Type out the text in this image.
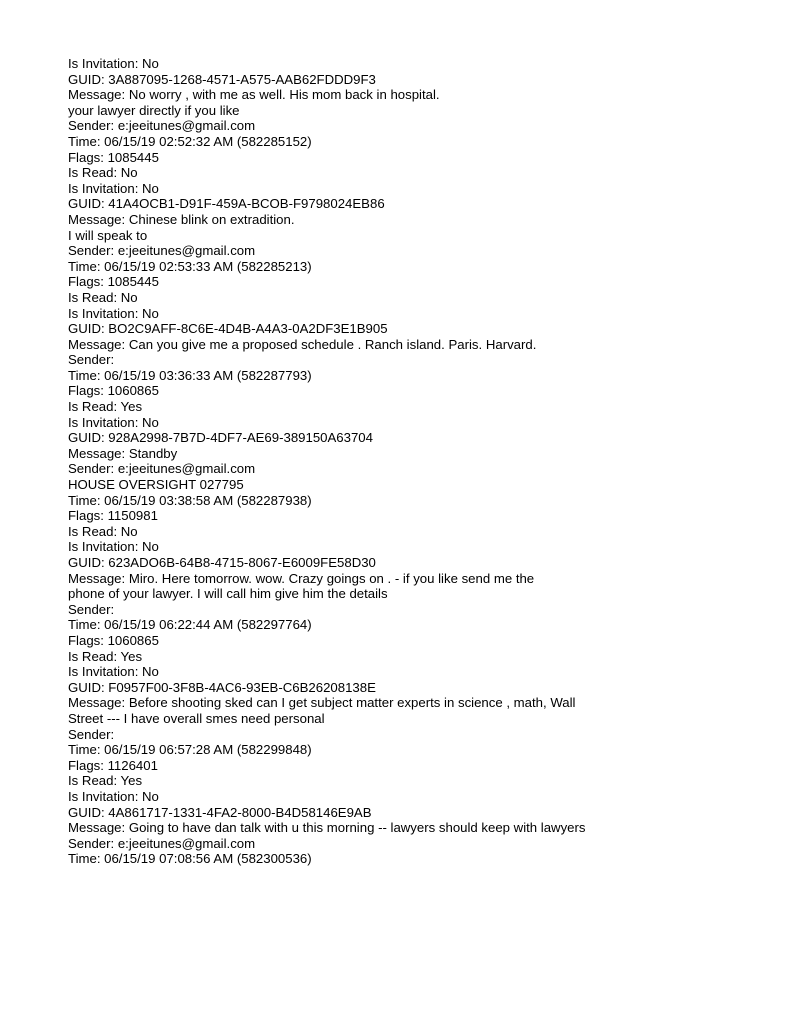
Is Invitation: No
GUID: 3A887095-1268-4571-A575-AAB62FDDD9F3
Message: No worry , with me as well. His mom back in hospital.
your lawyer directly if you like
Sender: e:jeeitunes@gmail.com
Time: 06/15/19 02:52:32 AM (582285152)
Flags: 1085445
Is Read: No
Is Invitation: No
GUID: 41A4OCB1-D91F-459A-BCOB-F9798024EB86
Message: Chinese blink on extradition.
I will speak to
Sender: e:jeeitunes@gmail.com
Time: 06/15/19 02:53:33 AM (582285213)
Flags: 1085445
Is Read: No
Is Invitation: No
GUID: BO2C9AFF-8C6E-4D4B-A4A3-0A2DF3E1B905
Message: Can you give me a proposed schedule . Ranch island. Paris. Harvard.
Sender:
Time: 06/15/19 03:36:33 AM (582287793)
Flags: 1060865
Is Read: Yes
Is Invitation: No
GUID: 928A2998-7B7D-4DF7-AE69-389150A63704
Message: Standby
Sender: e:jeeitunes@gmail.com
HOUSE OVERSIGHT 027795
Time: 06/15/19 03:38:58 AM (582287938)
Flags: 1150981
Is Read: No
Is Invitation: No
GUID: 623ADO6B-64B8-4715-8067-E6009FE58D30
Message: Miro. Here tomorrow. wow. Crazy goings on . - if you like send me the
phone of your lawyer. I will call him give him the details
Sender:
Time: 06/15/19 06:22:44 AM (582297764)
Flags: 1060865
Is Read: Yes
Is Invitation: No
GUID: F0957F00-3F8B-4AC6-93EB-C6B26208138E
Message: Before shooting sked can I get subject matter experts in science , math, Wall
Street --- I have overall smes need personal
Sender:
Time: 06/15/19 06:57:28 AM (582299848)
Flags: 1126401
Is Read: Yes
Is Invitation: No
GUID: 4A861717-1331-4FA2-8000-B4D58146E9AB
Message: Going to have dan talk with u this morning -- lawyers should keep with lawyers
Sender: e:jeeitunes@gmail.com
Time: 06/15/19 07:08:56 AM (582300536)
